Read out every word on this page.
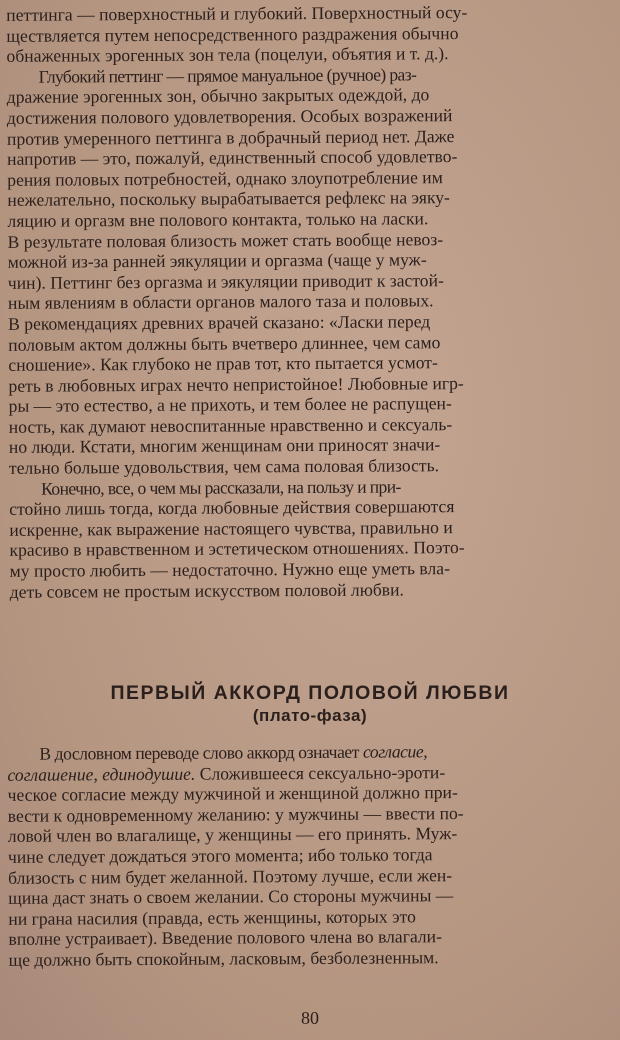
петтинга — поверхностный и глубокий. Поверхностный осу-
ществляется путем непосредственного раздражения обычно
обнаженных эрогенных зон тела (поцелуи, объятия и т. д.).
Глубокий петтинг — прямое мануальное (ручное) раз-
дражение эрогенных зон, обычно закрытых одеждой, до
достижения полового удовлетворения. Особых возражений
против умеренного петтинга в добрачный период нет. Даже
напротив — это, пожалуй, единственный способ удовлетво-
рения половых потребностей, однако злоупотребление им
нежелательно, поскольку вырабатывается рефлекс на эяку-
ляцию и оргазм вне полового контакта, только на ласки.
В результате половая близость может стать вообще невоз-
можной из-за ранней эякуляции и оргазма (чаще у муж-
чин). Петтинг без оргазма и эякуляции приводит к застой-
ным явлениям в области органов малого таза и половых.
В рекомендациях древних врачей сказано: «Ласки перед
половым актом должны быть вчетверо длиннее, чем само
сношение». Как глубоко не прав тот, кто пытается усмот-
реть в любовных играх нечто непристойное! Любовные игр-
ры — это естество, а не прихоть, и тем более не распущен-
ность, как думают невоспитанные нравственно и сексуаль-
но люди. Кстати, многим женщинам они приносят значи-
тельно больше удовольствия, чем сама половая близость.
Конечно, все, о чем мы рассказали, на пользу и при-
стойно лишь тогда, когда любовные действия совершаются
искренне, как выражение настоящего чувства, правильно и
красиво в нравственном и эстетическом отношениях. Поэто-
му просто любить — недостаточно. Нужно еще уметь вла-
деть совсем не простым искусством половой любви.
ПЕРВЫЙ АККОРД ПОЛОВОЙ ЛЮБВИ
(плато-фаза)
В дословном переводе слово аккорд означает согласие,
соглашение, единодушие. Сложившееся сексуально-эроти-
ческое согласие между мужчиной и женщиной должно при-
вести к одновременному желанию: у мужчины — ввести по-
ловой член во влагалище, у женщины — его принять. Муж-
чине следует дождаться этого момента; ибо только тогда
близость с ним будет желанной. Поэтому лучше, если жен-
щина даст знать о своем желании. Со стороны мужчины —
ни грана насилия (правда, есть женщины, которых это
вполне устраивает). Введение полового члена во влагали-
ще должно быть спокойным, ласковым, безболезненным.
80
